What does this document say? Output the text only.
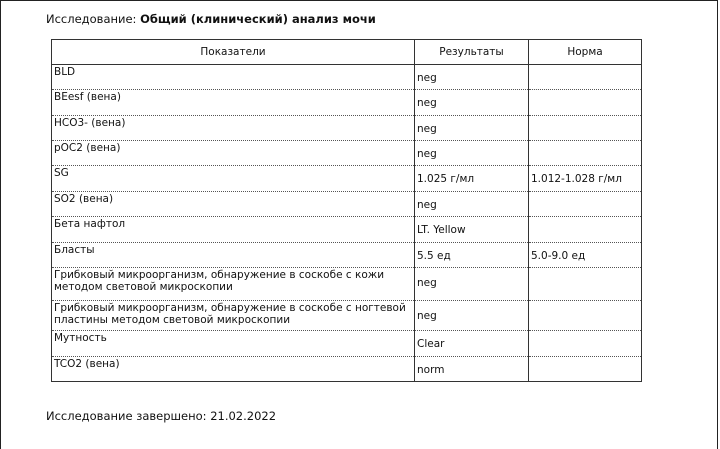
Исследование: Общий (клинический) анализ мочи
Показатели	Результаты	Норма
BLD	neg	
BEesf (вена)	neg	
HCO3- (вена)	neg	
pOC2 (вена)	neg	
SG	1.025 г/мл	1.012-1.028 г/мл
SO2 (вена)	neg	
Бета нафтол	LT. Yellow	
Бласты	5.5 ед	5.0-9.0 ед
Грибковый микроорганизм, обнаружение в соскобе с кожи методом световой микроскопии	neg	
Грибковый микроорганизм, обнаружение в соскобе с ногтевой пластины методом световой микроскопии	neg	
Мутность	Clear	
TCO2 (вена)	norm	
Исследование завершено: 21.02.2022
